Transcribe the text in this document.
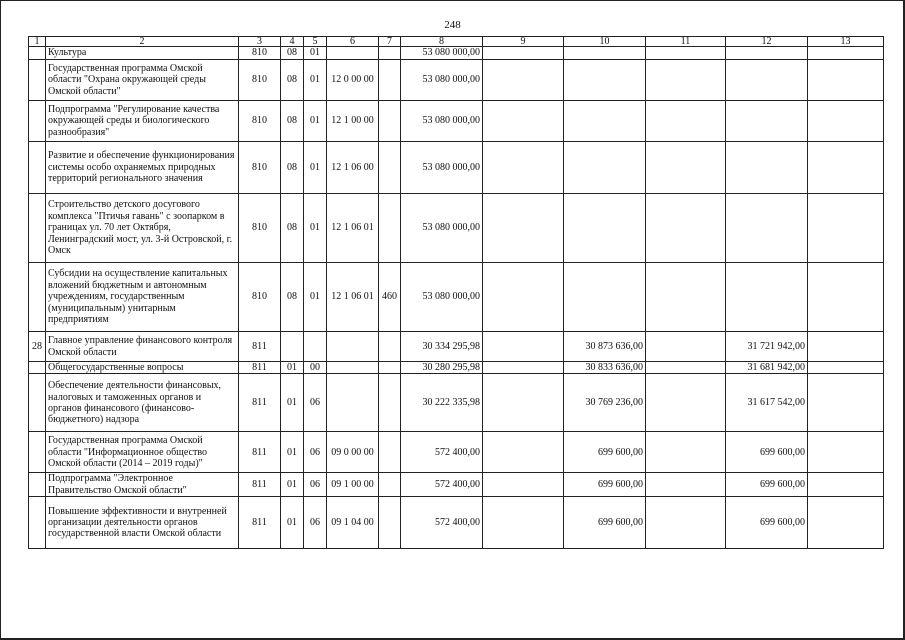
248
1	2	3	4	5	6	7	8	9	10	11	12	13
	Культура	810	08	01			53 080 000,00					
	Государственная программа Омской области "Охрана окружающей среды Омской области"	810	08	01	12 0 00 00		53 080 000,00					
	Подпрограмма "Регулирование качества окружающей среды и биологического разнообразия"	810	08	01	12 1 00 00		53 080 000,00					
	Развитие и обеспечение функционирования системы особо охраняемых природных территорий регионального значения	810	08	01	12 1 06 00		53 080 000,00					
	Строительство детского досугового комплекса "Птичья гавань" с зоопарком в границах ул. 70 лет Октября, Ленинградский мост, ул. 3-й Островской, г. Омск	810	08	01	12 1 06 01		53 080 000,00					
	Субсидии на осуществление капитальных вложений бюджетным и автономным учреждениям, государственным (муниципальным) унитарным предприятиям	810	08	01	12 1 06 01	460	53 080 000,00					
28	Главное управление финансового контроля Омской области	811					30 334 295,98		30 873 636,00		31 721 942,00	
	Общегосударственные вопросы	811	01	00			30 280 295,98		30 833 636,00		31 681 942,00	
	Обеспечение деятельности финансовых, налоговых и таможенных органов и органов финансового (финансово-бюджетного) надзора	811	01	06			30 222 335,98		30 769 236,00		31 617 542,00	
	Государственная программа Омской области "Информационное общество Омской области (2014 – 2019 годы)"	811	01	06	09 0 00 00		572 400,00		699 600,00		699 600,00	
	Подпрограмма "Электронное Правительство Омской области"	811	01	06	09 1 00 00		572 400,00		699 600,00		699 600,00	
	Повышение эффективности и внутренней организации деятельности органов государственной власти Омской области	811	01	06	09 1 04 00		572 400,00		699 600,00		699 600,00	
